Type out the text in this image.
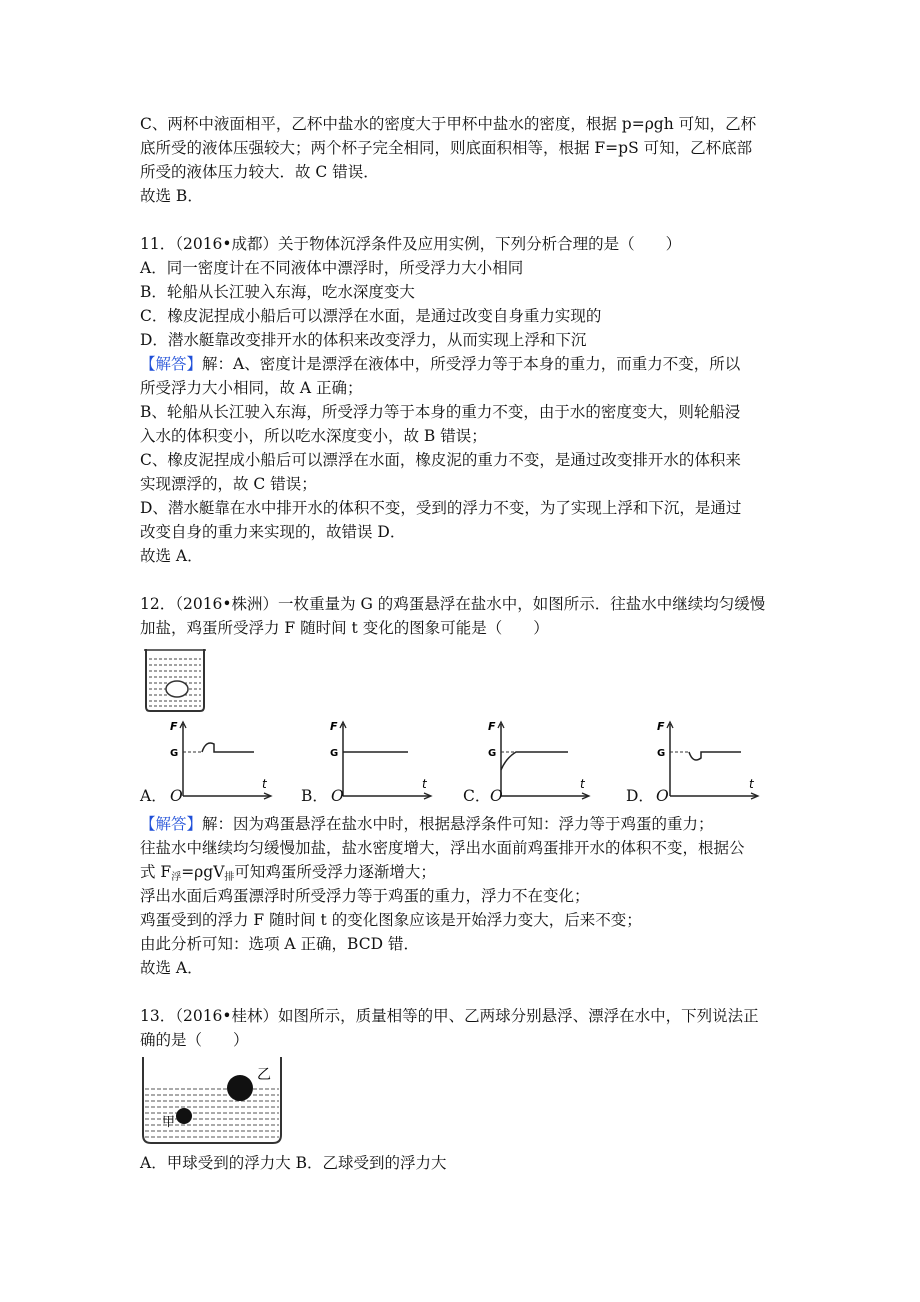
C、两杯中液面相平，乙杯中盐水的密度大于甲杯中盐水的密度，根据 p=ρgh 可知，乙杯
底所受的液体压强较大；两个杯子完全相同，则底面积相等，根据 F=pS 可知，乙杯底部
所受的液体压力较大．故 C 错误．
故选 B．
11．（2016•成都）关于物体沉浮条件及应用实例，下列分析合理的是（　　）
A．同一密度计在不同液体中漂浮时，所受浮力大小相同
B．轮船从长江驶入东海，吃水深度变大
C．橡皮泥捏成小船后可以漂浮在水面，是通过改变自身重力实现的
D．潜水艇靠改变排开水的体积来改变浮力，从而实现上浮和下沉
【解答】解：A、密度计是漂浮在液体中，所受浮力等于本身的重力，而重力不变，所以
所受浮力大小相同，故 A 正确；
B、轮船从长江驶入东海，所受浮力等于本身的重力不变，由于水的密度变大，则轮船浸
入水的体积变小，所以吃水深度变小，故 B 错误；
C、橡皮泥捏成小船后可以漂浮在水面，橡皮泥的重力不变，是通过改变排开水的体积来
实现漂浮的，故 C 错误；
D、潜水艇靠在水中排开水的体积不变，受到的浮力不变，为了实现上浮和下沉，是通过
改变自身的重力来实现的，故错误 D．
故选 A．
12．（2016•株洲）一枚重量为 G 的鸡蛋悬浮在盐水中，如图所示．往盐水中继续均匀缓慢
加盐，鸡蛋所受浮力 F 随时间 t 变化的图象可能是（　　）
F
G
t
A． O
F
G
t
B． O
F
G
t
C． O
F
G
t
D． O
【解答】解：因为鸡蛋悬浮在盐水中时，根据悬浮条件可知：浮力等于鸡蛋的重力；
往盐水中继续均匀缓慢加盐，盐水密度增大，浮出水面前鸡蛋排开水的体积不变，根据公
式 F浮=ρgV排可知鸡蛋所受浮力逐渐增大；
浮出水面后鸡蛋漂浮时所受浮力等于鸡蛋的重力，浮力不在变化；
鸡蛋受到的浮力 F 随时间 t 的变化图象应该是开始浮力变大，后来不变；
由此分析可知：选项 A 正确，BCD 错．
故选 A．
13．（2016•桂林）如图所示，质量相等的甲、乙两球分别悬浮、漂浮在水中，下列说法正
确的是（　　）
乙
甲
A．甲球受到的浮力大 B．乙球受到的浮力大
